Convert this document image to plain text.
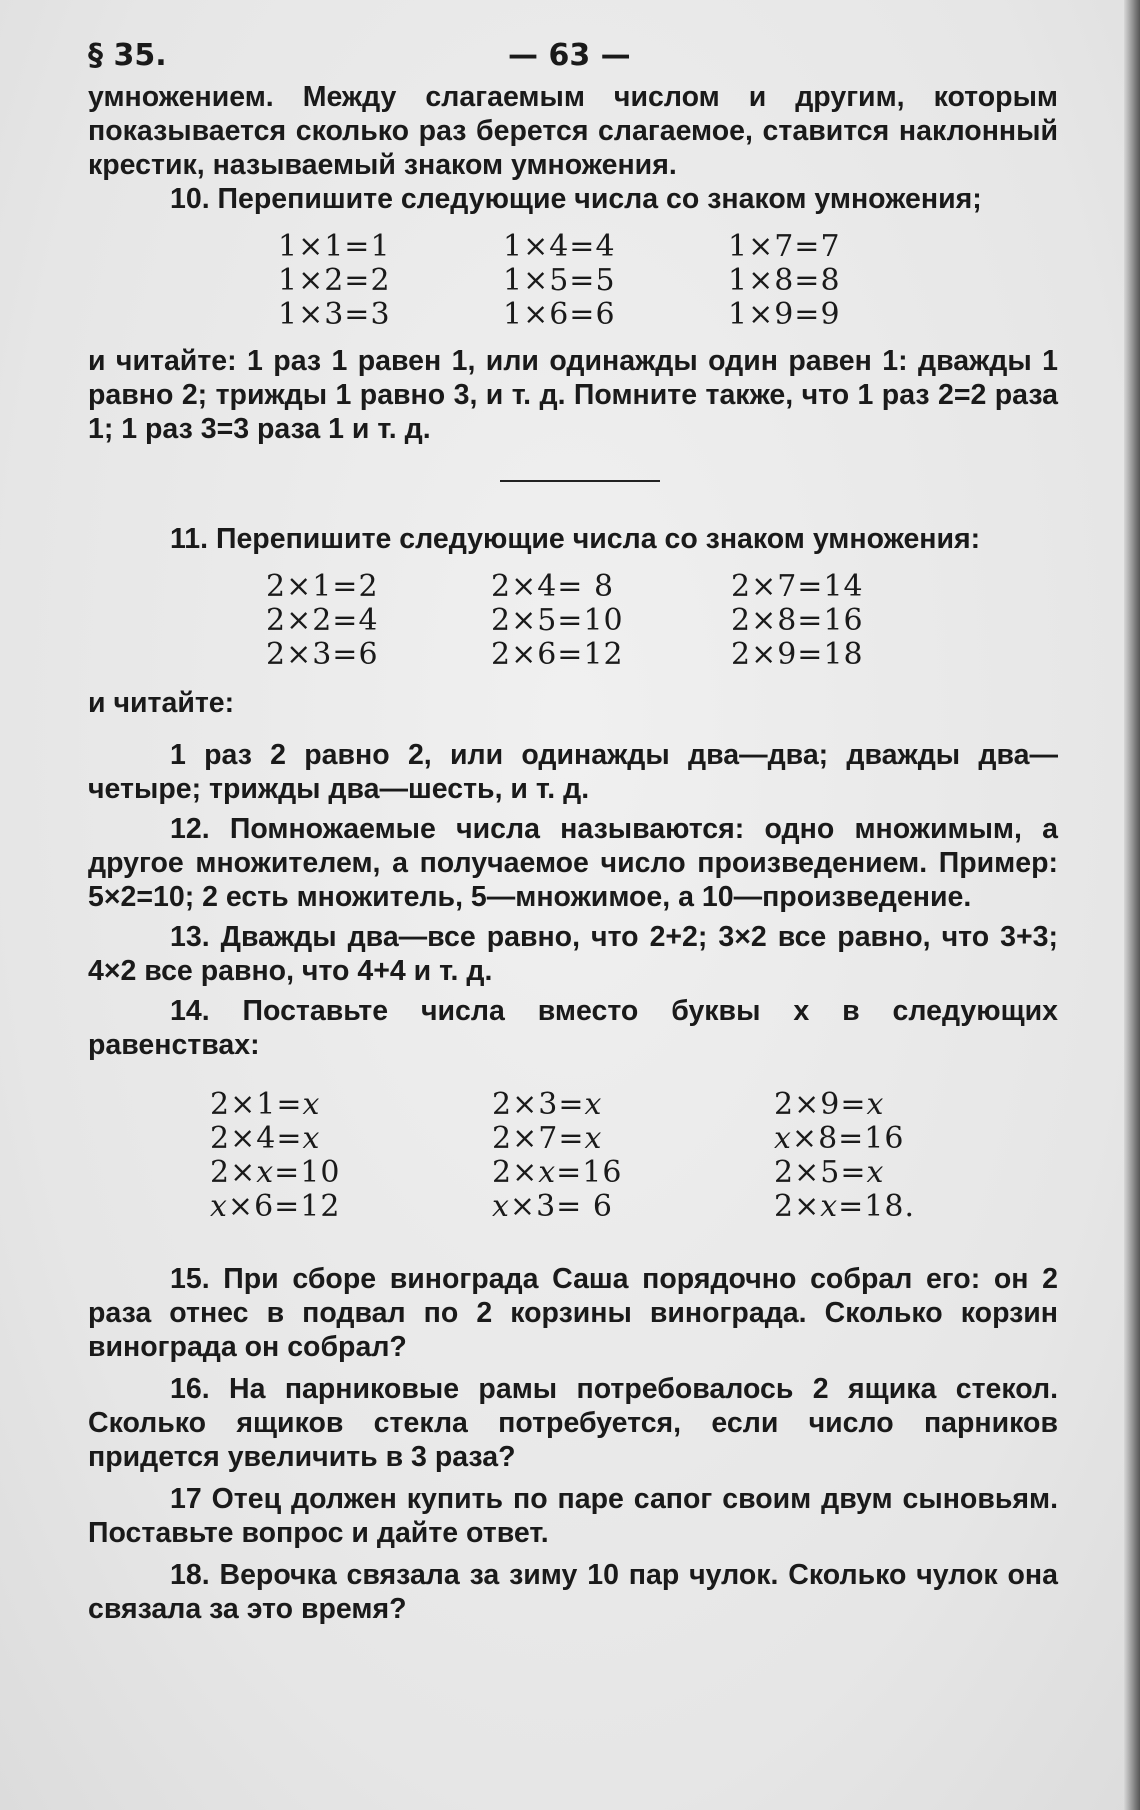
§ 35.	— 63 —

умножением. Между слагаемым числом и другим, которым показывается сколько раз берется слагаемое, ставится наклонный крестик, называемый знаком умножения.

10. Перепишите следующие числа со знаком умножения;

1×1=1	1×4=4	1×7=7
1×2=2	1×5=5	1×8=8
1×3=3	1×6=6	1×9=9

и читайте: 1 раз 1 равен 1, или одинажды один равен 1: дважды 1 равно 2; трижды 1 равно 3, и т. д. Помните также, что 1 раз 2=2 раза 1; 1 раз 3=3 раза 1 и т. д.

11. Перепишите следующие числа со знаком умножения:

2×1=2	2×4= 8	2×7=14
2×2=4	2×5=10	2×8=16
2×3=6	2×6=12	2×9=18

и читайте:

1 раз 2 равно 2, или одинажды два—два; дважды два—четыре; трижды два—шесть, и т. д.

12. Помножаемые числа называются: одно множимым, а другое множителем, а получаемое число произведением. Пример: 5×2=10; 2 есть множитель, 5—множимое, а 10—произведение.

13. Дважды два—все равно, что 2+2; 3×2 все равно, что 3+3; 4×2 все равно, что 4+4 и т. д.

14. Поставьте числа вместо буквы x в следующих равенствах:

2×1=x	2×3=x	2×9=x
2×4=x	2×7=x	x×8=16
2×x=10	2×x=16	2×5=x
x×6=12	x×3= 6	2×x=18.

15. При сборе винограда Саша порядочно собрал его: он 2 раза отнес в подвал по 2 корзины винограда. Сколько корзин винограда он собрал?

16. На парниковые рамы потребовалось 2 ящика стекол. Сколько ящиков стекла потребуется, если число парников придется увеличить в 3 раза?

17 Отец должен купить по паре сапог своим двум сыновьям. Поставьте вопрос и дайте ответ.

18. Верочка связала за зиму 10 пар чулок. Сколько чулок она связала за это время?
